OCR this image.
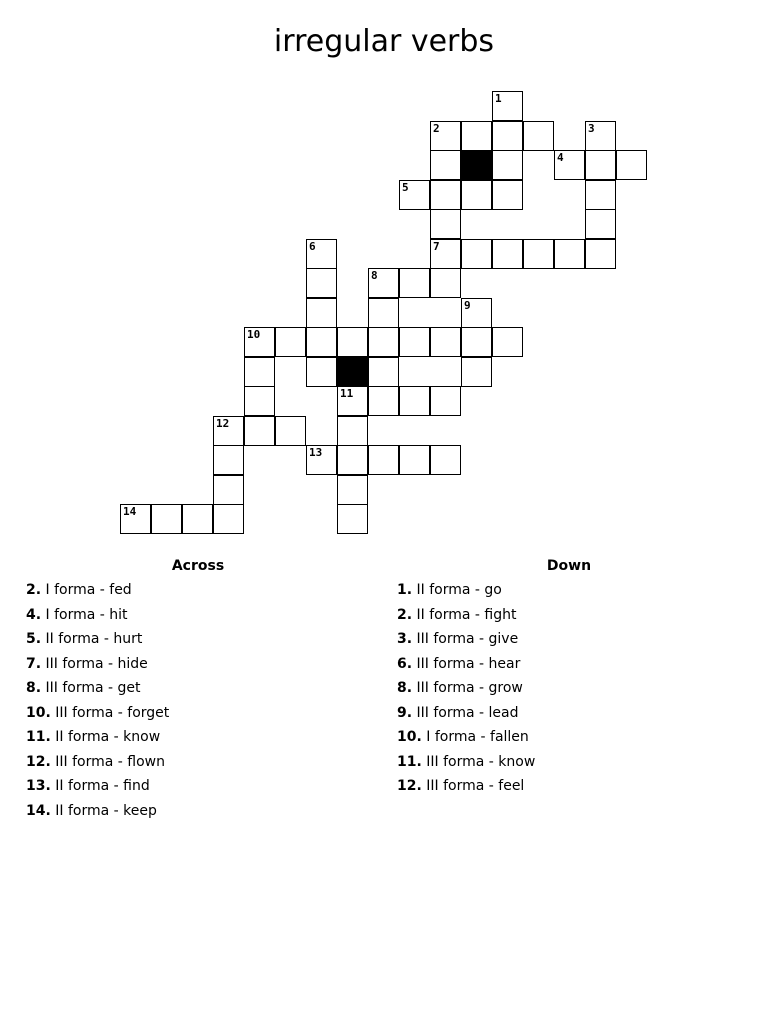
irregular verbs
1
2	3
4
5
6	7
8
9
10
11
12
13
14
Across
2. I forma - fed
4. I forma - hit
5. II forma - hurt
7. III forma - hide
8. III forma - get
10. III forma - forget
11. II forma - know
12. III forma - flown
13. II forma - find
14. II forma - keep
Down
1. II forma - go
2. II forma - fight
3. III forma - give
6. III forma - hear
8. III forma - grow
9. III forma - lead
10. I forma - fallen
11. III forma - know
12. III forma - feel
